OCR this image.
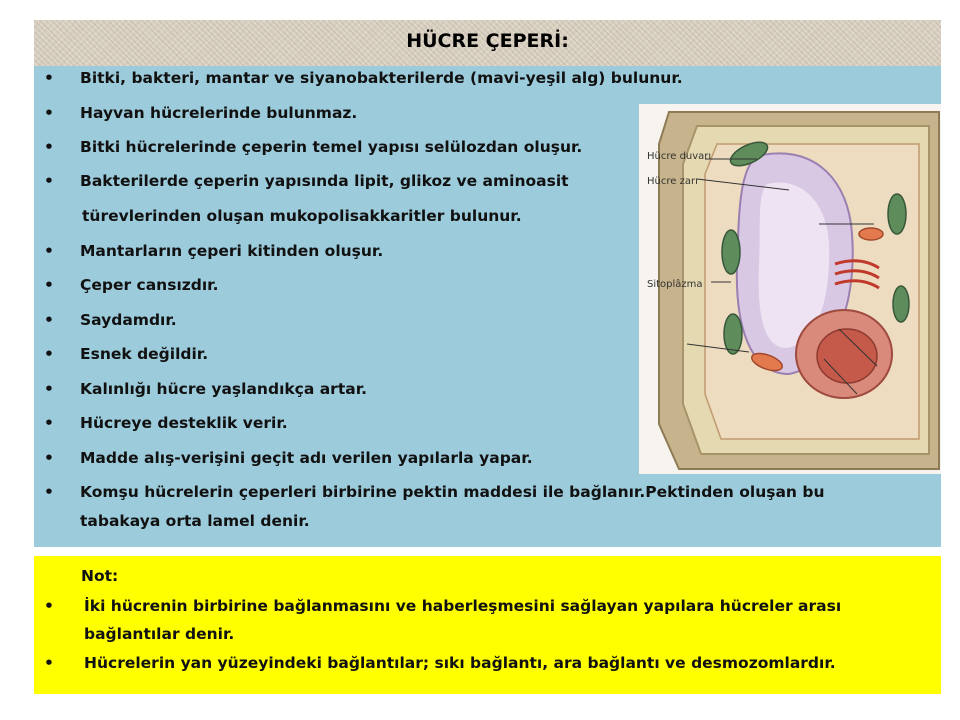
HÜCRE ÇEPERİ:
• Bitki, bakteri, mantar ve siyanobakterilerde (mavi-yeşil alg) bulunur.
• Hayvan hücrelerinde bulunmaz.
• Bitki hücrelerinde çeperin temel yapısı selülozdan oluşur.
• Bakterilerde çeperin yapısında lipit, glikoz ve aminoasit
türevlerinden oluşan mukopolisakkaritler bulunur.
• Mantarların çeperi kitinden oluşur.
• Çeper cansızdır.
• Saydamdır.
• Esnek değildir.
• Kalınlığı hücre yaşlandıkça artar.
• Hücreye desteklik verir.
• Madde alış-verişini geçit adı verilen yapılarla yapar.
• Komşu hücrelerin çeperleri birbirine pektin maddesi ile bağlanır.Pektinden oluşan bu
tabakaya orta lamel denir.
Hücre duvarı
Hücre zarı
Sitoplâzma
Not:
• İki hücrenin birbirine bağlanmasını ve haberleşmesini sağlayan yapılara hücreler arası
bağlantılar denir.
• Hücrelerin yan yüzeyindeki bağlantılar; sıkı bağlantı, ara bağlantı ve desmozomlardır.
